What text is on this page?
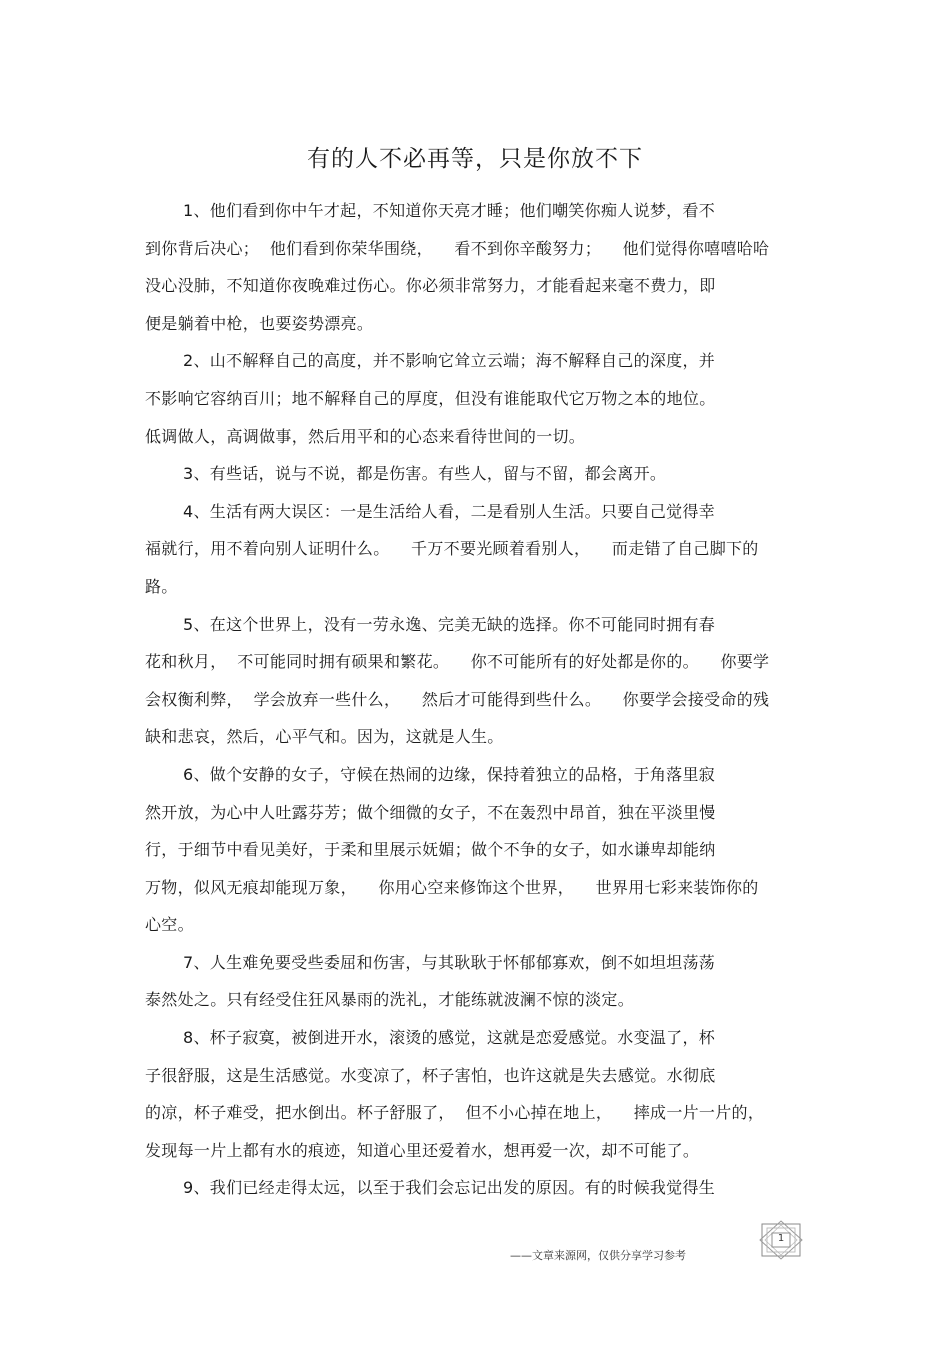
有的人不必再等，只是你放不下
1、他们看到你中午才起，不知道你天亮才睡；他们嘲笑你痴人说梦，看不
到你背后决心；  他们看到你荣华围绕，    看不到你辛酸努力；    他们觉得你嘻嘻哈哈
没心没肺，不知道你夜晚难过伤心。你必须非常努力，才能看起来毫不费力，即
便是躺着中枪，也要姿势漂亮。
2、山不解释自己的高度，并不影响它耸立云端；海不解释自己的深度，并
不影响它容纳百川；地不解释自己的厚度，但没有谁能取代它万物之本的地位。
低调做人，高调做事，然后用平和的心态来看待世间的一切。
3、有些话，说与不说，都是伤害。有些人，留与不留，都会离开。
4、生活有两大误区：一是生活给人看，二是看别人生活。只要自己觉得幸
福就行，用不着向别人证明什么。    千万不要光顾着看别人，    而走错了自己脚下的
路。
5、在这个世界上，没有一劳永逸、完美无缺的选择。你不可能同时拥有春
花和秋月，  不可能同时拥有硕果和繁花。    你不可能所有的好处都是你的。    你要学
会权衡利弊，  学会放弃一些什么，    然后才可能得到些什么。    你要学会接受命的残
缺和悲哀，然后，心平气和。因为，这就是人生。
6、做个安静的女子，守候在热闹的边缘，保持着独立的品格，于角落里寂
然开放，为心中人吐露芬芳；做个细微的女子，不在轰烈中昂首，独在平淡里慢
行，于细节中看见美好，于柔和里展示妩媚；做个不争的女子，如水谦卑却能纳
万物，似风无痕却能现万象，    你用心空来修饰这个世界，    世界用七彩来装饰你的
心空。
7、人生难免要受些委屈和伤害，与其耿耿于怀郁郁寡欢，倒不如坦坦荡荡
泰然处之。只有经受住狂风暴雨的洗礼，才能练就波澜不惊的淡定。
8、杯子寂寞，被倒进开水，滚烫的感觉，这就是恋爱感觉。水变温了，杯
子很舒服，这是生活感觉。水变凉了，杯子害怕，也许这就是失去感觉。水彻底
的凉，杯子难受，把水倒出。杯子舒服了，  但不小心掉在地上，    摔成一片一片的，
发现每一片上都有水的痕迹，知道心里还爱着水，想再爱一次，却不可能了。
9、我们已经走得太远，以至于我们会忘记出发的原因。有的时候我觉得生
——文章来源网，仅供分享学习参考
1
